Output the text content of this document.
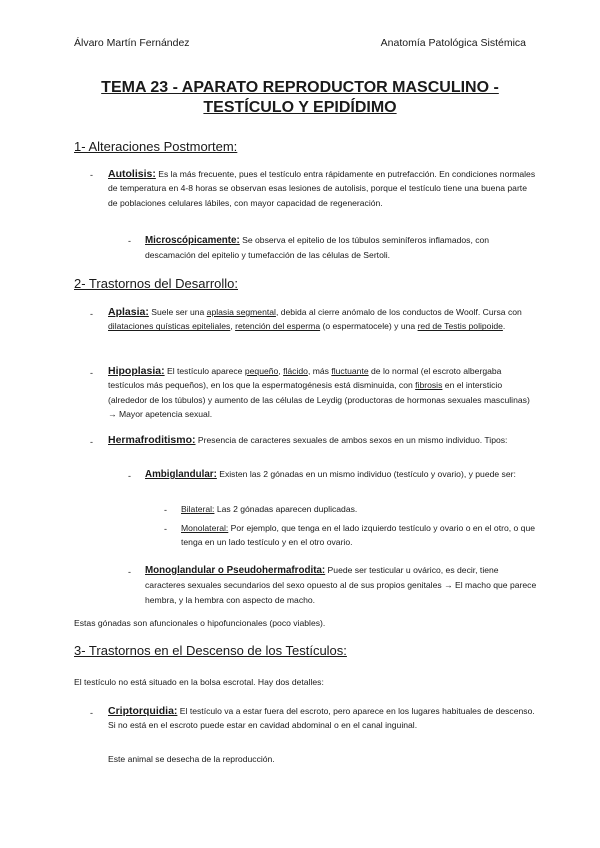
Álvaro Martín Fernández	Anatomía Patológica Sistémica
TEMA 23 - APARATO REPRODUCTOR MASCULINO -
TESTÍCULO Y EPIDÍDIMO
1- Alteraciones Postmortem:
- Autolisis: Es la más frecuente, pues el testículo entra rápidamente en putrefacción. En condiciones normales de temperatura en 4-8 horas se observan esas lesiones de autolisis, porque el testículo tiene una buena parte de poblaciones celulares lábiles, con mayor capacidad de regeneración.
- Microscópicamente: Se observa el epitelio de los túbulos seminíferos inflamados, con descamación del epitelio y tumefacción de las células de Sertoli.
2- Trastornos del Desarrollo:
- Aplasia: Suele ser una aplasia segmental, debida al cierre anómalo de los conductos de Woolf. Cursa con dilataciones quísticas epiteliales, retención del esperma (o espermatocele) y una red de Testis polipoide.
- Hipoplasia: El testículo aparece pequeño, flácido, más fluctuante de lo normal (el escroto albergaba testículos más pequeños), en los que la espermatogénesis está disminuida, con fibrosis en el intersticio (alrededor de los túbulos) y aumento de las células de Leydig (productoras de hormonas sexuales masculinas) → Mayor apetencia sexual.
- Hermafroditismo: Presencia de caracteres sexuales de ambos sexos en un mismo individuo. Tipos:
- Ambiglandular: Existen las 2 gónadas en un mismo individuo (testículo y ovario), y puede ser:
- Bilateral: Las 2 gónadas aparecen duplicadas.
- Monolateral: Por ejemplo, que tenga en el lado izquierdo testículo y ovario o en el otro, o que tenga en un lado testículo y en el otro ovario.
- Monoglandular o Pseudohermafrodita: Puede ser testicular u ovárico, es decir, tiene caracteres sexuales secundarios del sexo opuesto al de sus propios genitales → El macho que parece hembra, y la hembra con aspecto de macho.
Estas gónadas son afuncionales o hipofuncionales (poco viables).
3- Trastornos en el Descenso de los Testículos:
El testículo no está situado en la bolsa escrotal. Hay dos detalles:
- Criptorquidia: El testículo va a estar fuera del escroto, pero aparece en los lugares habituales de descenso. Si no está en el escroto puede estar en cavidad abdominal o en el canal inguinal.
Este animal se desecha de la reproducción.
